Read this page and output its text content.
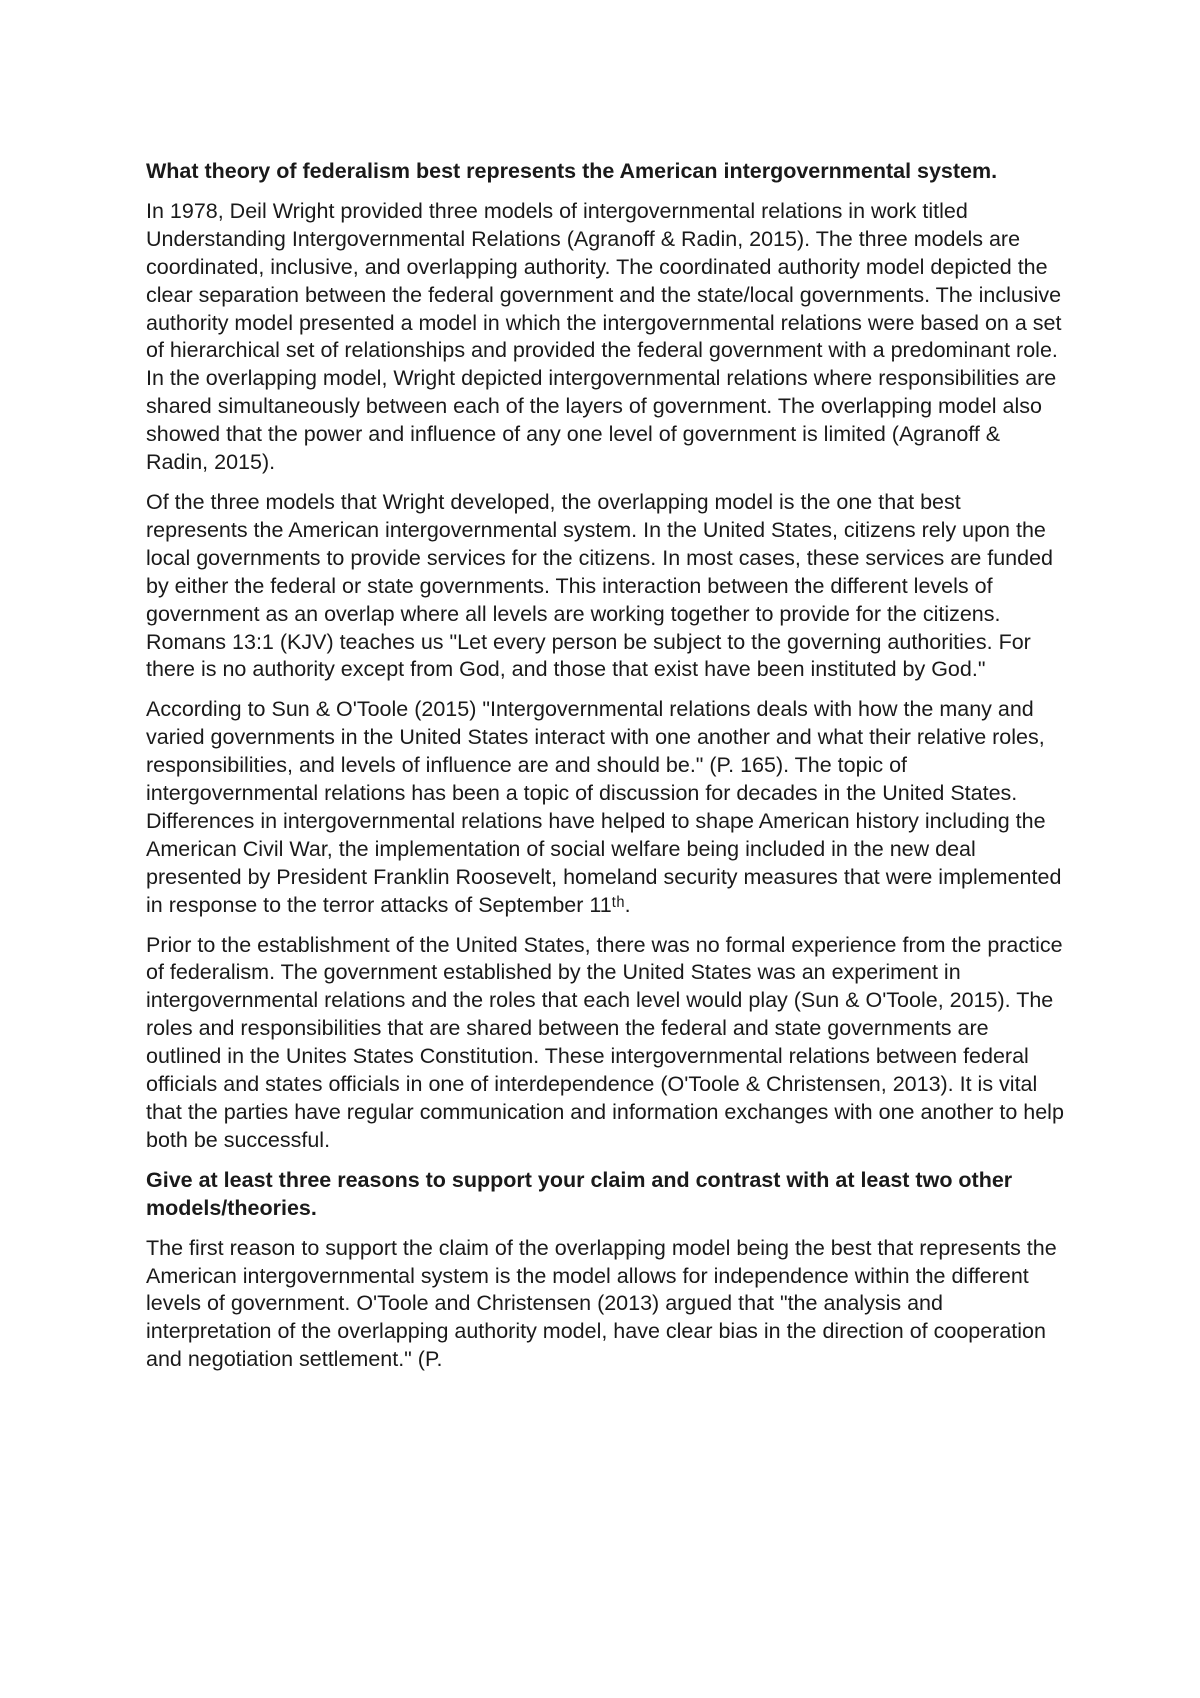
What theory of federalism best represents the American intergovernmental system.

In 1978, Deil Wright provided three models of intergovernmental relations in work titled Understanding Intergovernmental Relations (Agranoff & Radin, 2015). The three models are coordinated, inclusive, and overlapping authority. The coordinated authority model depicted the clear separation between the federal government and the state/local governments. The inclusive authority model presented a model in which the intergovernmental relations were based on a set of hierarchical set of relationships and provided the federal government with a predominant role. In the overlapping model, Wright depicted intergovernmental relations where responsibilities are shared simultaneously between each of the layers of government. The overlapping model also showed that the power and influence of any one level of government is limited (Agranoff & Radin, 2015).

Of the three models that Wright developed, the overlapping model is the one that best represents the American intergovernmental system. In the United States, citizens rely upon the local governments to provide services for the citizens. In most cases, these services are funded by either the federal or state governments. This interaction between the different levels of government as an overlap where all levels are working together to provide for the citizens. Romans 13:1 (KJV) teaches us "Let every person be subject to the governing authorities. For there is no authority except from God, and those that exist have been instituted by God."

According to Sun & O'Toole (2015) "Intergovernmental relations deals with how the many and varied governments in the United States interact with one another and what their relative roles, responsibilities, and levels of influence are and should be." (P. 165). The topic of intergovernmental relations has been a topic of discussion for decades in the United States. Differences in intergovernmental relations have helped to shape American history including the American Civil War, the implementation of social welfare being included in the new deal presented by President Franklin Roosevelt, homeland security measures that were implemented in response to the terror attacks of September 11ᵗʰ.

Prior to the establishment of the United States, there was no formal experience from the practice of federalism. The government established by the United States was an experiment in intergovernmental relations and the roles that each level would play (Sun & O'Toole, 2015). The roles and responsibilities that are shared between the federal and state governments are outlined in the Unites States Constitution. These intergovernmental relations between federal officials and states officials in one of interdependence (O'Toole & Christensen, 2013). It is vital that the parties have regular communication and information exchanges with one another to help both be successful.

Give at least three reasons to support your claim and contrast with at least two other models/theories.

The first reason to support the claim of the overlapping model being the best that represents the American intergovernmental system is the model allows for independence within the different levels of government. O'Toole and Christensen (2013) argued that "the analysis and interpretation of the overlapping authority model, have clear bias in the direction of cooperation and negotiation settlement." (P.
